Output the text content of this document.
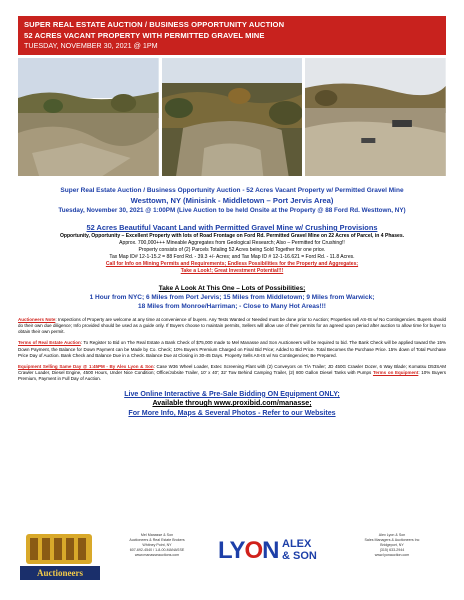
SUPER REAL ESTATE AUCTION / BUSINESS OPPORTUNITY AUCTION
52 ACRES VACANT PROPERTY WITH PERMITTED GRAVEL MINE
TUESDAY, NOVEMBER 30, 2021 @ 1PM
Super Real Estate Auction / Business Opportunity Auction - 52 Acres Vacant Property w/ Permitted Gravel Mine
Westtown, NY (Minisink - Middletown – Port Jervis Area)
Tuesday, November 30, 2021 @ 1:00PM (Live Auction to be held Onsite at the Property @ 88 Ford Rd. Westtown, NY)
52 Acres Beautiful Vacant Land with Permitted Gravel Mine w/ Crushing Provisions
Opportunity, Opportunity – Excellent Property with lots of Road Frontage on Ford Rd. Permitted Gravel Mine on 22 Acres of Parcel, in 4 Phases.
Approx. 700,000+++ Mineable Aggregates from Geological Research; Also – Permitted for Crushing!!
Property consists of (2) Parcels Totaling 52 Acres being Sold Together for one price.
Tax Map ID# 12-1-15.2 = 88 Ford Rd. - 39.3 +/- Acres; and Tax Map ID # 12-1-16.621 = Ford Rd. - 11.8 Acres.
Call for Info on Mining Permits and Requirements; Endless Possibilities for the Property and Aggregates;
Take a Look!; Great Investment Potential!!!
Take A Look At This One – Lots of Possibilities;
1 Hour from NYC; 6 Miles from Port Jervis; 15 Miles from Middletown; 9 Miles from Warwick;
18 Miles from Monroe/Harriman; - Close to Many Hot Areas!!!
Auctioneers Note: Inspections of Property are welcome at any time at convenience of buyers. Any Tests Wanted or Needed must be done prior to Auction; Properties sell AS-IS w/ No Contingencies. Buyers should do their own due diligence; Info provided should be used as a guide only. If Buyers choose to maintain permits, Sellers will allow use of their permits for an agreed upon period after auction to allow time for buyer to obtain their own permit.
Terms of Real Estate Auction: To Register to Bid on The Real Estate a Bank Check of $75,000 made to Mel Manasse and Son Auctioneers will be required to bid. The Bank Check will be applied toward the 15% Down Payment, the Balance for Down Payment can be Made by Co. Check; 10% Buyers Premium Charged on Final Bid Price; Added to Bid Price. Total Becomes the Purchase Price. 15% down of Total Purchase Price Day of Auction. Bank Check and Balance Due in a Check. Balance Due at Closing in 30-45 Days. Property Sells AS-IS w/ No Contingencies; Be Prepared.
Equipment Selling Same Day @ 1:45PM - By Alex Lyon & Son: Case W36 Wheel Loader, Extec Screening Plant with (2) Conveyors on T/A Trailer; JD 450G Crawler Dozer, 6 Way Blade; Komatsu D53SAM Crawler Loader, Diesel Engine, 4500 Hours, Under Nice Condition; Office/Jobsite Trailer, 10' x 40'; 32' Tow Behind Camping Trailer, (2) 800 Gallon Diesel Tanks with Pumps Terms on Equipment: 10% Buyers Premium, Payment in Full Day of Auction.
Live Online Interactive & Pre-Sale Bidding ON Equipment ONLY;
Available through www.proxibid.com/manasse;
For More Info, Maps & Several Photos - Refer to our Websites
Auctioneers
Mel Manasse & Son
Auctioneers & Real Estate Brokers
Whitney Point, NY
607-692-4540 / 1-8-00-MANASSE
www.manasseauctions.com	LYON ALEX
& SON
Alex Lyon & Son
Sales Managers & Auctioneers Inc
Bridgeport, NY
(315) 633-2944
www.lyonauction.com
